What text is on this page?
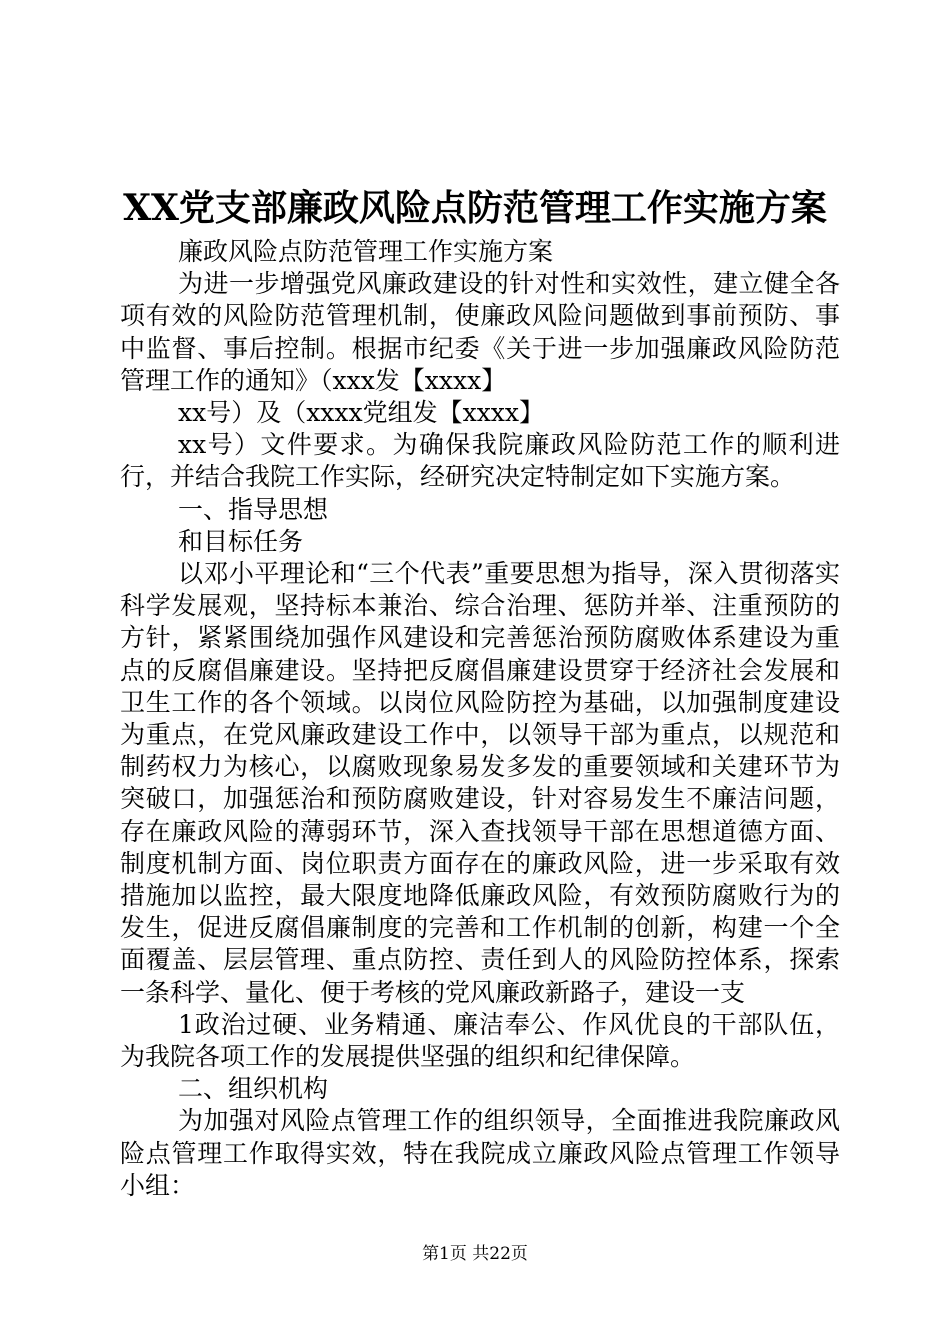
XX党支部廉政风险点防范管理工作实施方案

廉政风险点防范管理工作实施方案

为进一步增强党风廉政建设的针对性和实效性，建立健全各项有效的风险防范管理机制，使廉政风险问题做到事前预防、事中监督、事后控制。根据市纪委《关于进一步加强廉政风险防范管理工作的通知》（xxx发【xxxx】

xx号）及（xxxx党组发【xxxx】

xx号）文件要求。为确保我院廉政风险防范工作的顺利进行，并结合我院工作实际，经研究决定特制定如下实施方案。

一、指导思想

和目标任务

以邓小平理论和“三个代表”重要思想为指导，深入贯彻落实科学发展观，坚持标本兼治、综合治理、惩防并举、注重预防的方针，紧紧围绕加强作风建设和完善惩治预防腐败体系建设为重点的反腐倡廉建设。坚持把反腐倡廉建设贯穿于经济社会发展和卫生工作的各个领域。以岗位风险防控为基础，以加强制度建设为重点，在党风廉政建设工作中，以领导干部为重点，以规范和制药权力为核心，以腐败现象易发多发的重要领域和关建环节为突破口，加强惩治和预防腐败建设，针对容易发生不廉洁问题，存在廉政风险的薄弱环节，深入查找领导干部在思想道德方面、制度机制方面、岗位职责方面存在的廉政风险，进一步采取有效措施加以监控，最大限度地降低廉政风险，有效预防腐败行为的发生，促进反腐倡廉制度的完善和工作机制的创新，构建一个全面覆盖、层层管理、重点防控、责任到人的风险防控体系，探索一条科学、量化、便于考核的党风廉政新路子，建设一支

1政治过硬、业务精通、廉洁奉公、作风优良的干部队伍，为我院各项工作的发展提供坚强的组织和纪律保障。

二、组织机构

为加强对风险点管理工作的组织领导，全面推进我院廉政风险点管理工作取得实效，特在我院成立廉政风险点管理工作领导小组：

第1页 共22页
